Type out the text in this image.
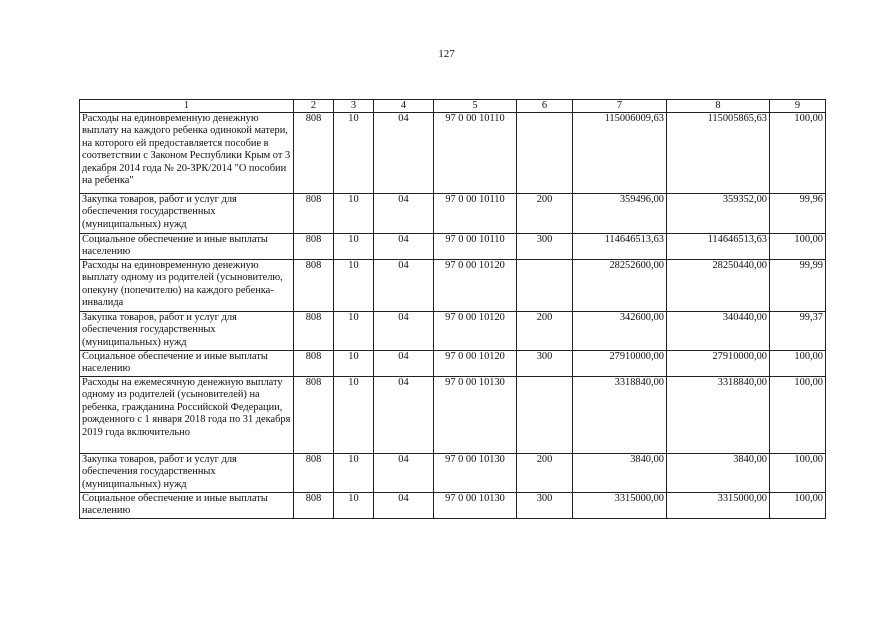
127
1	2	3	4	5	6	7	8	9
Расходы на единовременную денежную выплату на каждого ребенка одинокой матери, на которого ей предоставляется пособие в соответствии с Законом Республики Крым от 3 декабря 2014 года № 20-ЗРК/2014 "О пособии на ребенка"	808	10	04	97 0 00 10110		115006009,63	115005865,63	100,00
Закупка товаров, работ и услуг для обеспечения государственных (муниципальных) нужд	808	10	04	97 0 00 10110	200	359496,00	359352,00	99,96
Социальное обеспечение и иные выплаты населению	808	10	04	97 0 00 10110	300	114646513,63	114646513,63	100,00
Расходы на единовременную денежную выплату одному из родителей (усыновителю, опекуну (попечителю) на каждого ребенка-инвалида	808	10	04	97 0 00 10120		28252600,00	28250440,00	99,99
Закупка товаров, работ и услуг для обеспечения государственных (муниципальных) нужд	808	10	04	97 0 00 10120	200	342600,00	340440,00	99,37
Социальное обеспечение и иные выплаты населению	808	10	04	97 0 00 10120	300	27910000,00	27910000,00	100,00
Расходы на ежемесячную денежную выплату одному из родителей (усыновителей) на ребенка, гражданина Российской Федерации, рожденного с 1 января 2018 года по 31 декабря 2019 года включительно	808	10	04	97 0 00 10130		3318840,00	3318840,00	100,00
Закупка товаров, работ и услуг для обеспечения государственных (муниципальных) нужд	808	10	04	97 0 00 10130	200	3840,00	3840,00	100,00
Социальное обеспечение и иные выплаты населению	808	10	04	97 0 00 10130	300	3315000,00	3315000,00	100,00
